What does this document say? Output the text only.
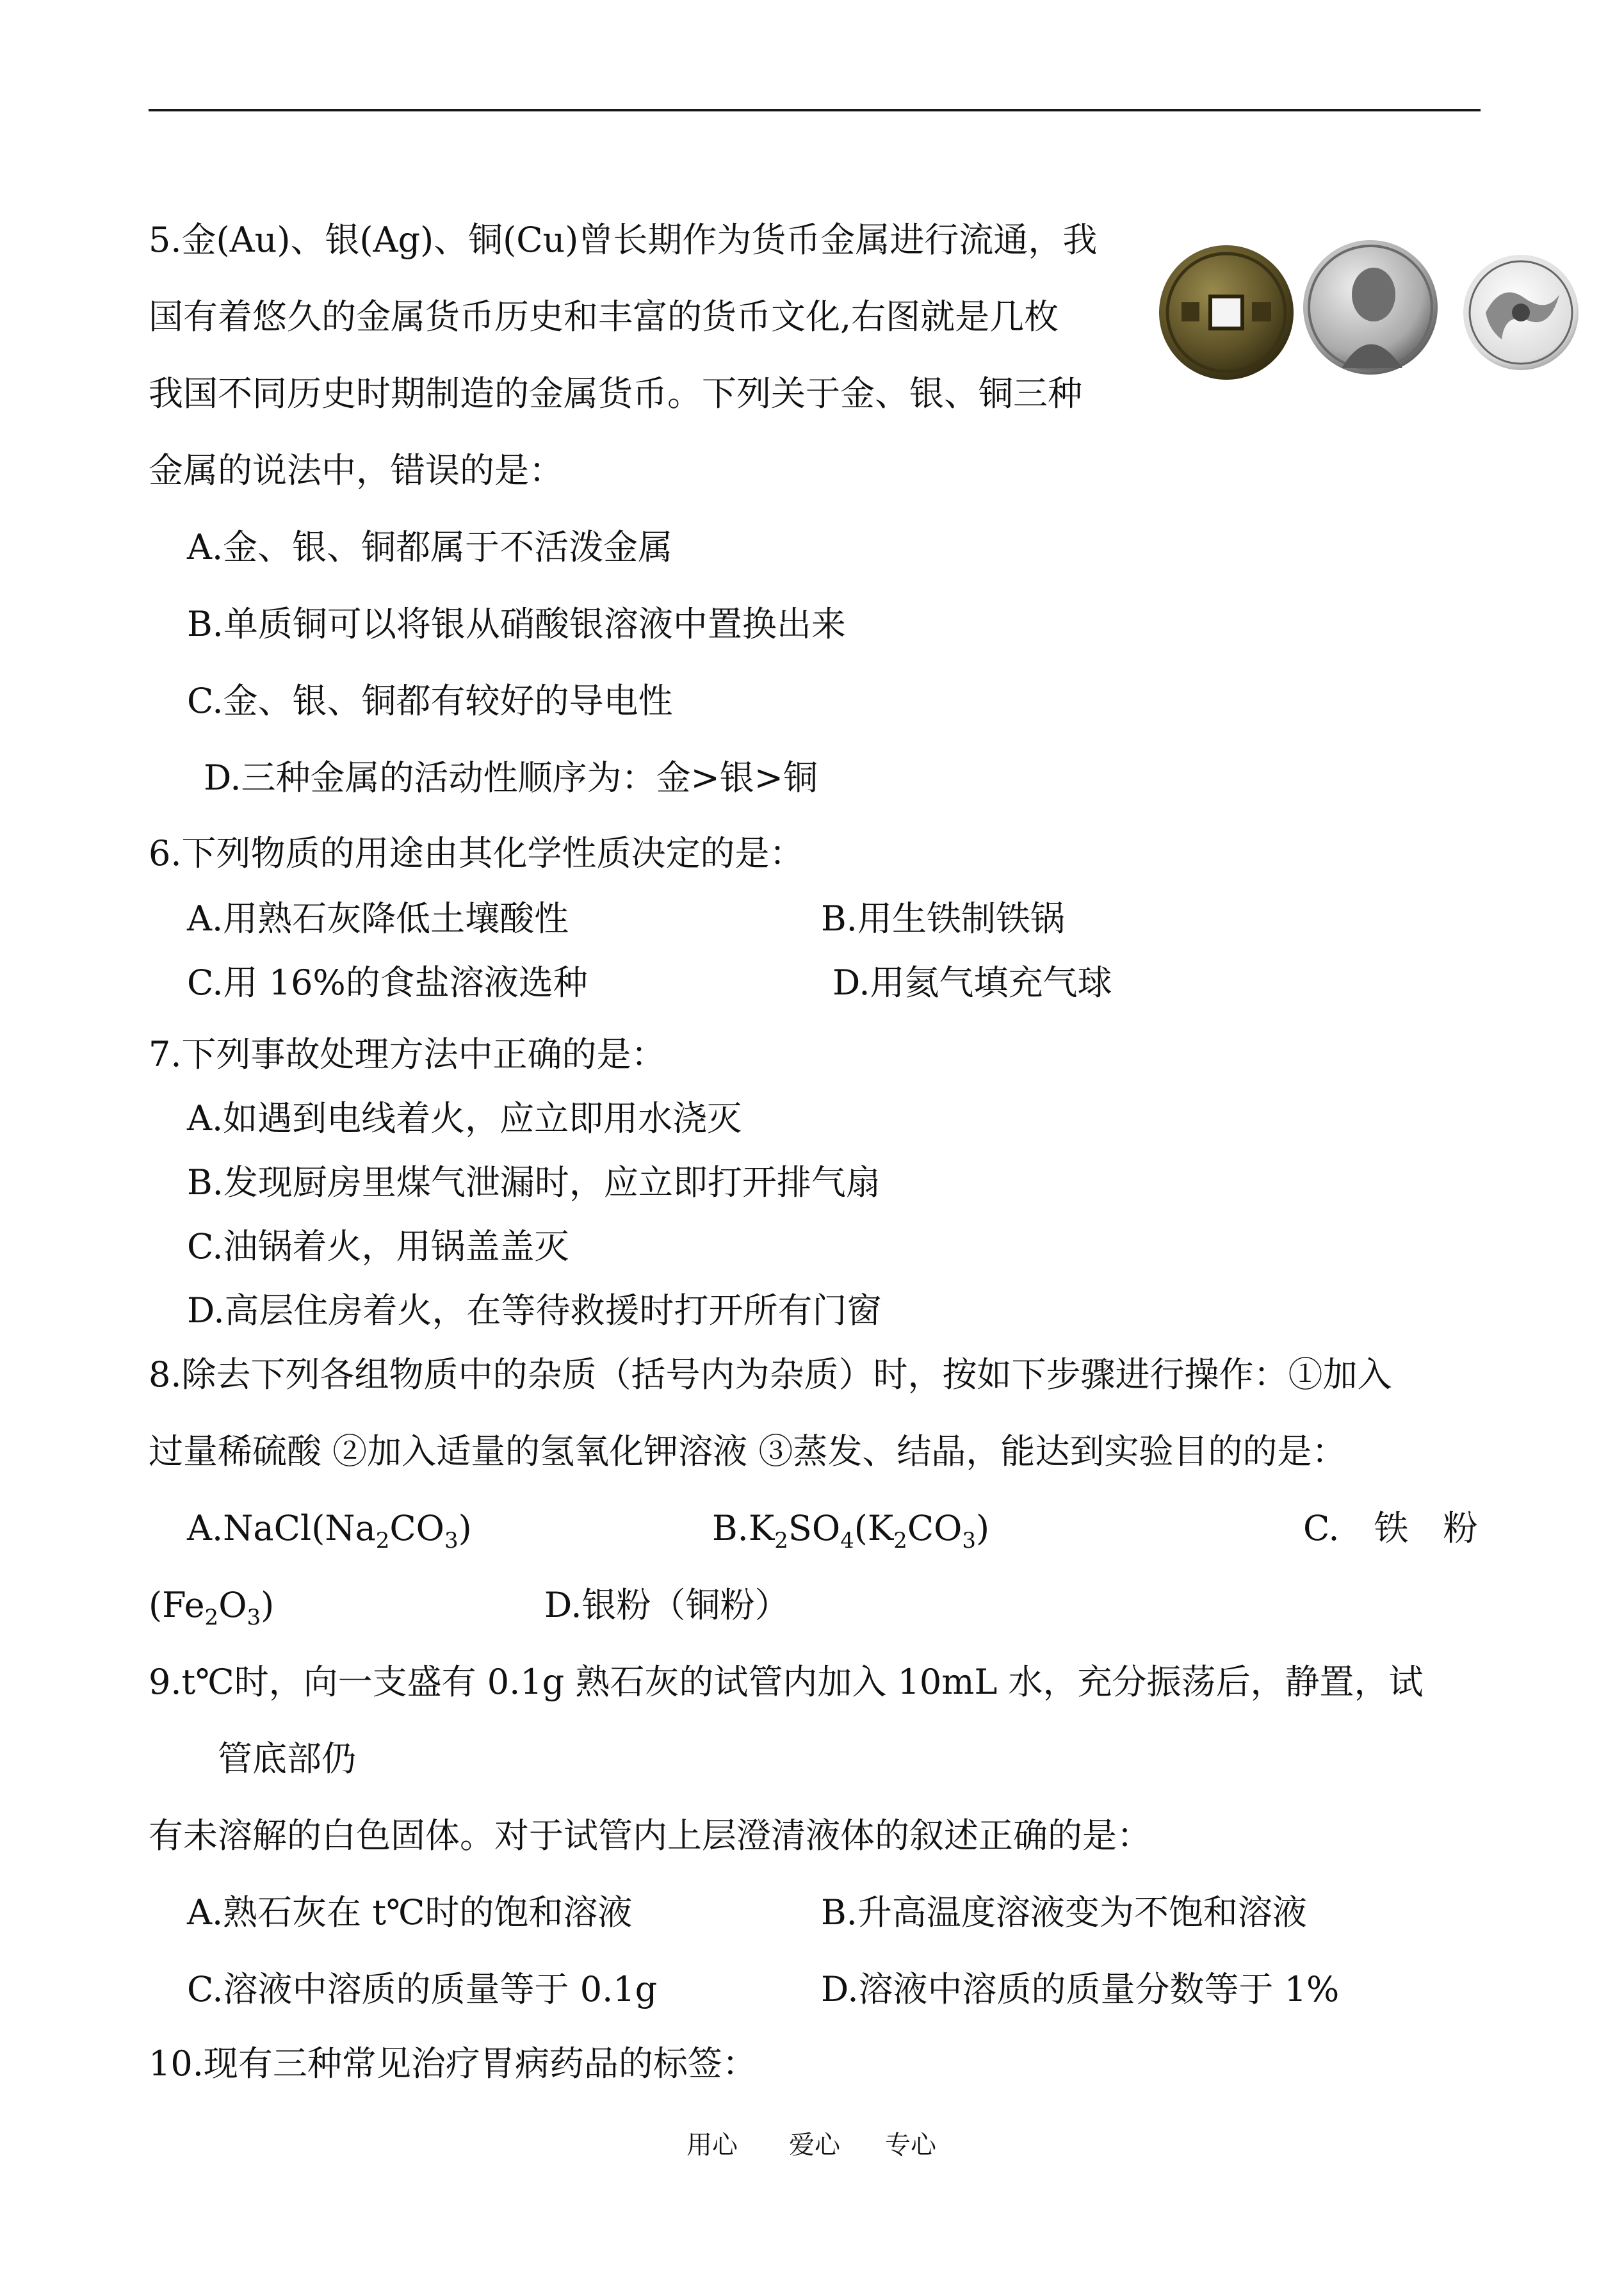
5.金(Au)、银(Ag)、铜(Cu)曾长期作为货币金属进行流通，我
国有着悠久的金属货币历史和丰富的货币文化,右图就是几枚
我国不同历史时期制造的金属货币。下列关于金、银、铜三种
金属的说法中，错误的是：
A.金、银、铜都属于不活泼金属
B.单质铜可以将银从硝酸银溶液中置换出来
C.金、银、铜都有较好的导电性
D.三种金属的活动性顺序为：金>银>铜
6.下列物质的用途由其化学性质决定的是：
A.用熟石灰降低土壤酸性	B.用生铁制铁锅
C.用 16%的食盐溶液选种	D.用氦气填充气球
7.下列事故处理方法中正确的是：
A.如遇到电线着火，应立即用水浇灭
B.发现厨房里煤气泄漏时，应立即打开排气扇
C.油锅着火，用锅盖盖灭
D.高层住房着火，在等待救援时打开所有门窗
8.除去下列各组物质中的杂质（括号内为杂质）时，按如下步骤进行操作：①加入
过量稀硫酸 ②加入适量的氢氧化钾溶液 ③蒸发、结晶，能达到实验目的的是：
$A.NaCl(Na_2CO_3)$	$B.K_2SO_4(K_2CO_3)$	C.　铁　粉
$(Fe_2O_3)$	D.银粉（铜粉）
9.t℃时，向一支盛有 0.1g 熟石灰的试管内加入 10mL 水，充分振荡后，静置，试
管底部仍
有未溶解的白色固体。对于试管内上层澄清液体的叙述正确的是：
A.熟石灰在 t℃时的饱和溶液	B.升高温度溶液变为不饱和溶液
C.溶液中溶质的质量等于 0.1g	D.溶液中溶质的质量分数等于 1%
10.现有三种常见治疗胃病药品的标签：
用心 爱心 专心
